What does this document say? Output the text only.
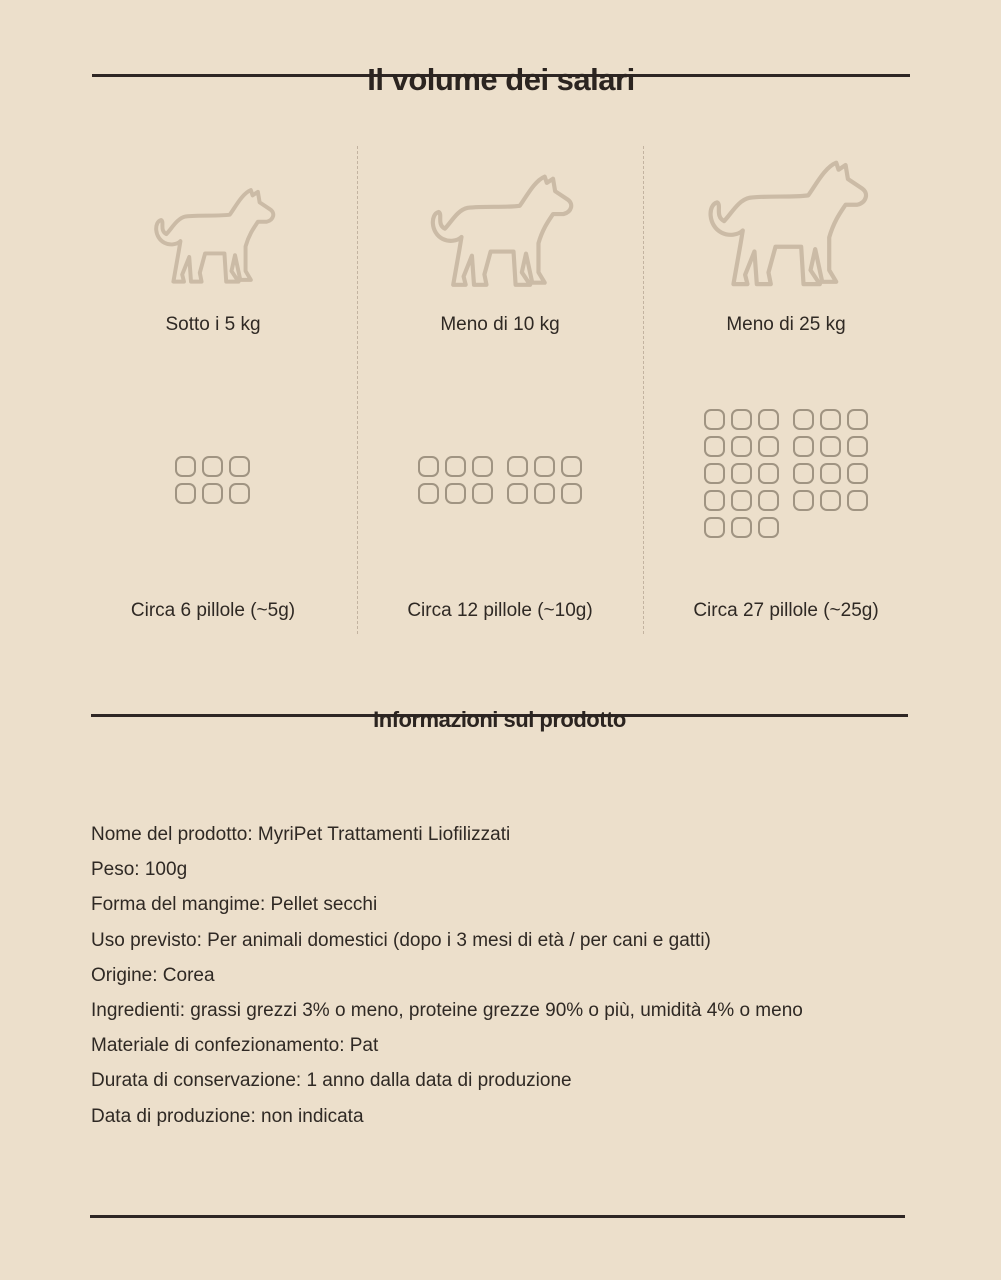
Il volume dei salari
Sotto i 5 kg
Circa 6 pillole (~5g)
Meno di 10 kg
Circa 12 pillole (~10g)
Meno di 25 kg
Circa 27 pillole (~25g)
Informazioni sul prodotto
Nome del prodotto: MyriPet Trattamenti Liofilizzati
Peso: 100g
Forma del mangime: Pellet secchi
Uso previsto: Per animali domestici (dopo i 3 mesi di età / per cani e gatti)
Origine: Corea
Ingredienti: grassi grezzi 3% o meno, proteine grezze 90% o più, umidità 4% o meno
Materiale di confezionamento: Pat
Durata di conservazione: 1 anno dalla data di produzione
Data di produzione: non indicata
